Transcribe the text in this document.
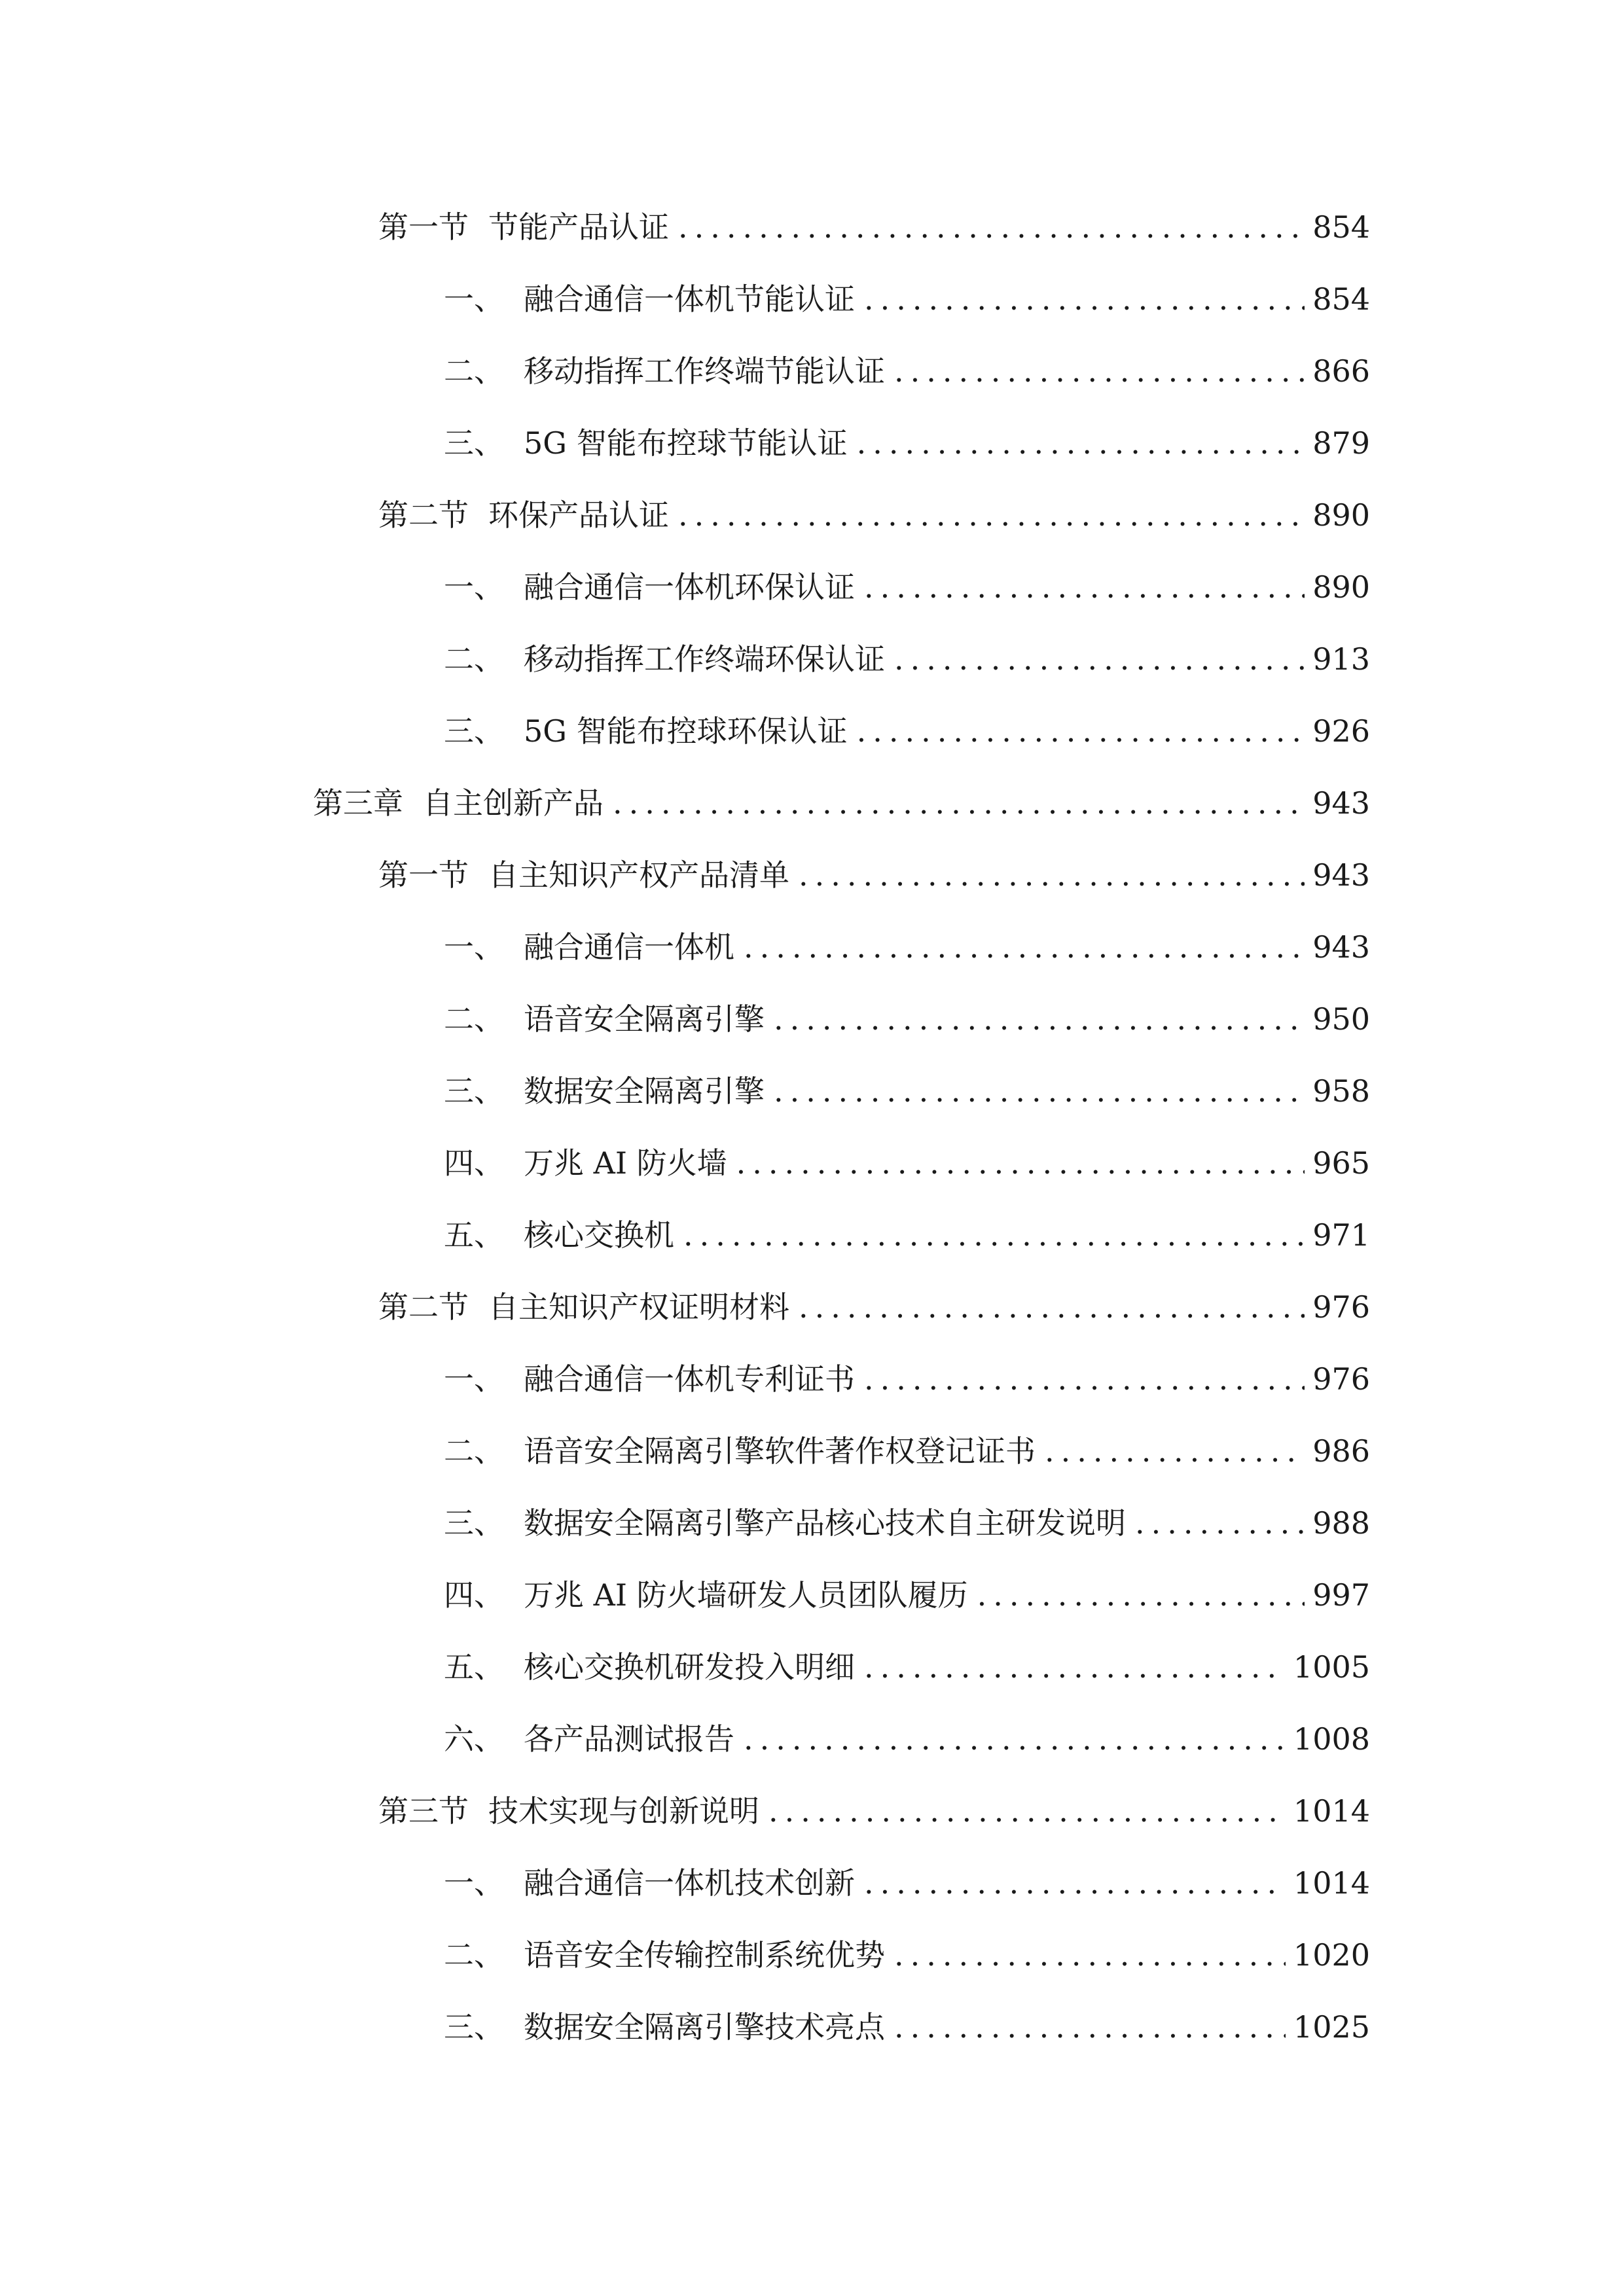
第一节 节能产品认证 .....	854
一、 融合通信一体机节能认证 .....	854
二、 移动指挥工作终端节能认证 .....	866
三、 5G 智能布控球节能认证 .....	879
第二节 环保产品认证 .....	890
一、 融合通信一体机环保认证 .....	890
二、 移动指挥工作终端环保认证 .....	913
三、 5G 智能布控球环保认证 .....	926
第三章 自主创新产品 .....	943
第一节 自主知识产权产品清单 .....	943
一、 融合通信一体机 .....	943
二、 语音安全隔离引擎 .....	950
三、 数据安全隔离引擎 .....	958
四、 万兆 AI 防火墙 .....	965
五、 核心交换机 .....	971
第二节 自主知识产权证明材料 .....	976
一、 融合通信一体机专利证书 .....	976
二、 语音安全隔离引擎软件著作权登记证书 .....	986
三、 数据安全隔离引擎产品核心技术自主研发说明 .....	988
四、 万兆 AI 防火墙研发人员团队履历 .....	997
五、 核心交换机研发投入明细 .....	1005
六、 各产品测试报告 .....	1008
第三节 技术实现与创新说明 .....	1014
一、 融合通信一体机技术创新 .....	1014
二、 语音安全传输控制系统优势 .....	1020
三、 数据安全隔离引擎技术亮点 .....	1025
